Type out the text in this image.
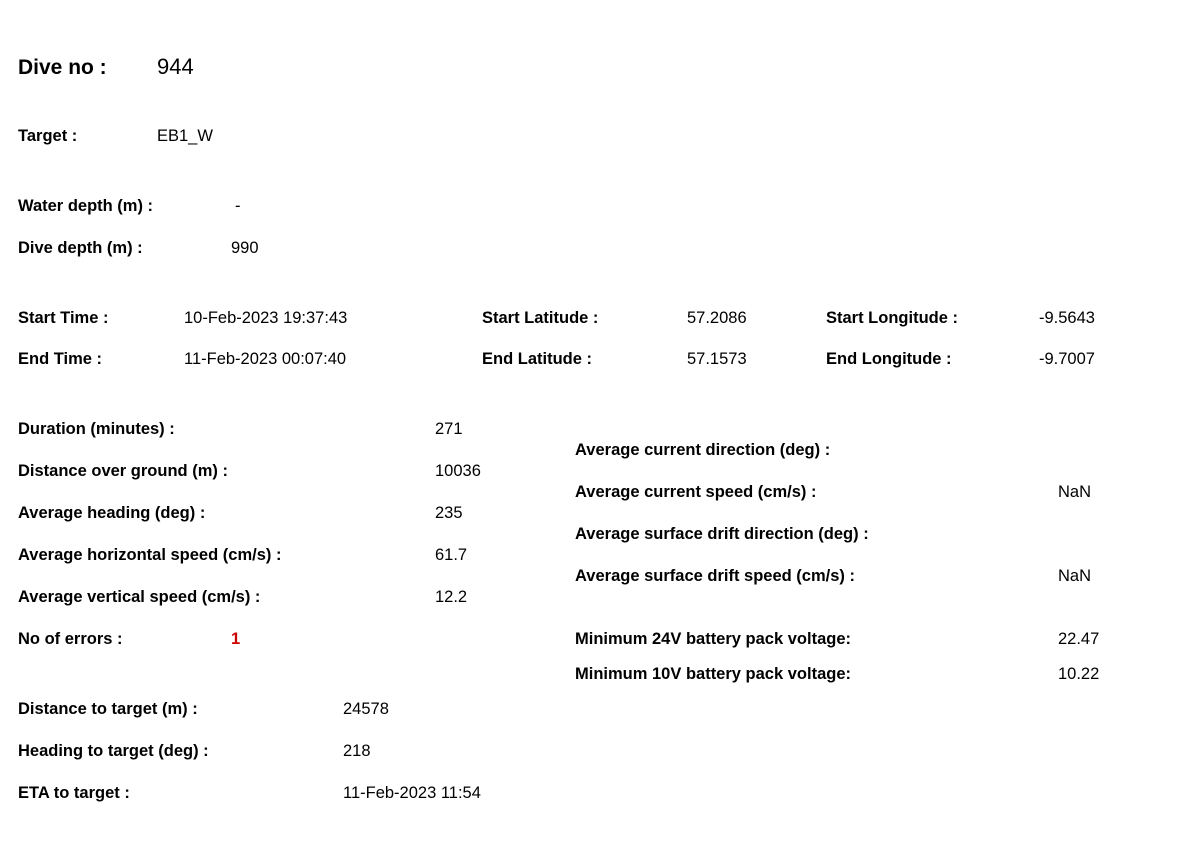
Dive no : 944
Target :	EB1_W
Water depth (m) :	-
Dive depth (m) :	990
Start Time :	10-Feb-2023 19:37:43	Start Latitude :	57.2086	Start Longitude :	-9.5643
End Time :	11-Feb-2023 00:07:40	End Latitude :	57.1573	End Longitude :	-9.7007
Duration (minutes) :	271
Distance over ground (m) :	10036
Average heading (deg) :	235
Average horizontal speed (cm/s) :	61.7
Average vertical speed (cm/s) :	12.2
No of errors :	1
Average current direction (deg) :
Average current speed (cm/s) :	NaN
Average surface drift direction (deg) :
Average surface drift speed (cm/s) :	NaN
Minimum 24V battery pack voltage:	22.47
Minimum 10V battery pack voltage:	10.22
Distance to target (m) :	24578
Heading to target (deg) :	218
ETA to target :	11-Feb-2023 11:54
